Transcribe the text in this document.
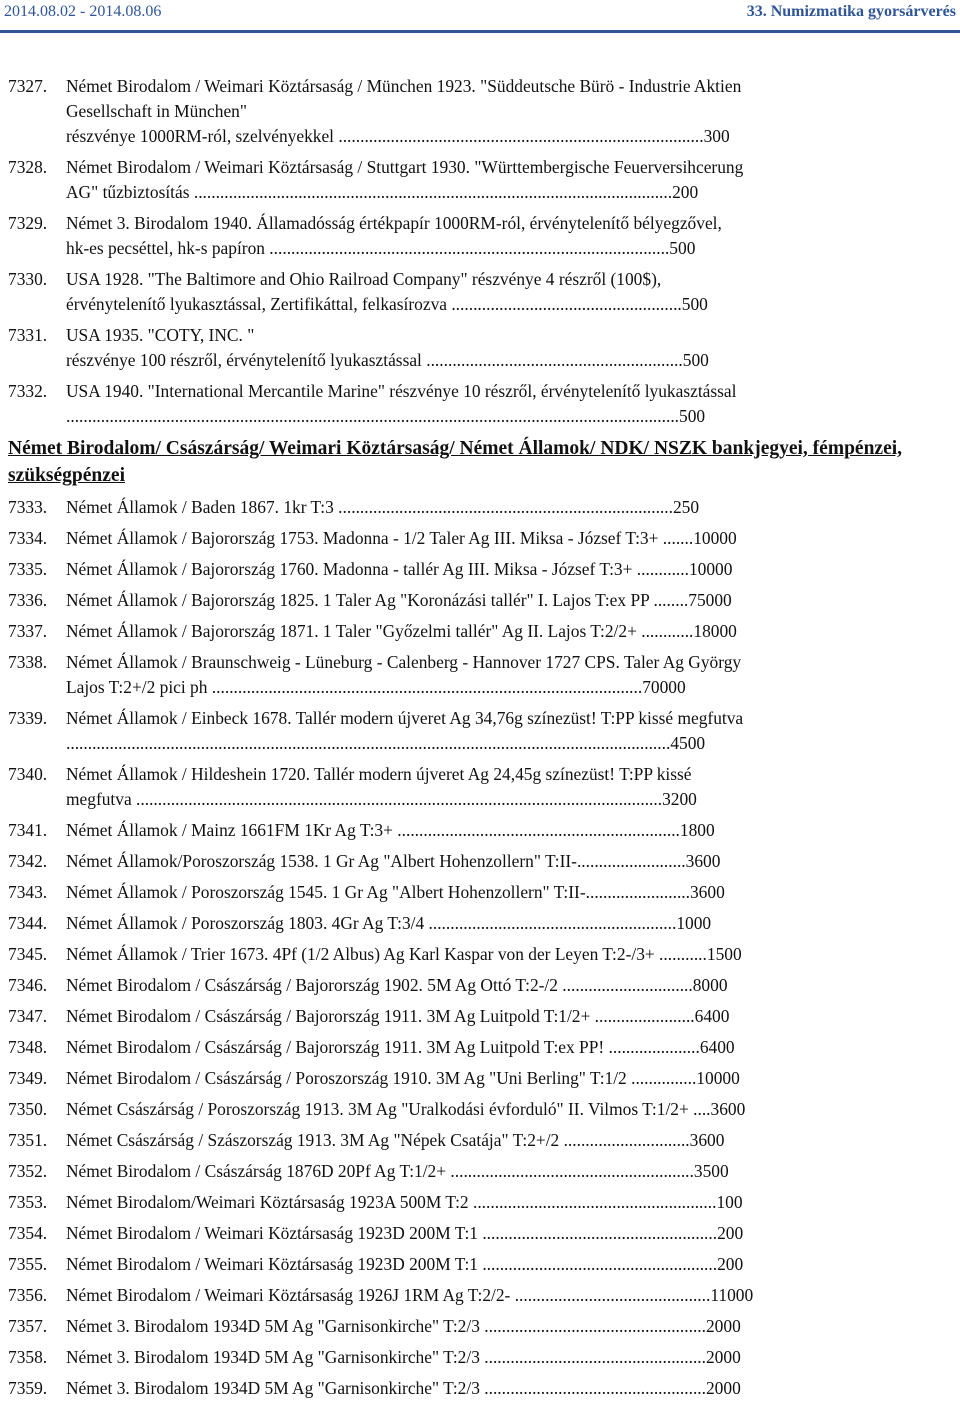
2014.08.02 - 2014.08.06	33. Numizmatika gyorsárverés
7327. Német Birodalom / Weimari Köztársaság / München 1923. "Süddeutsche Bürö - Industrie Aktien
Gesellschaft in München"
részvénye 1000RM-ról, szelvényekkel ....................................................................................300
7328. Német Birodalom / Weimari Köztársaság / Stuttgart 1930. "Württembergische Feuerversihcerung
AG" tűzbiztosítás ..............................................................................................................200
7329. Német 3. Birodalom 1940. Államadósság értékpapír 1000RM-ról, érvénytelenítő bélyegzővel,
hk-es pecséttel, hk-s papíron ............................................................................................500
7330. USA 1928. "The Baltimore and Ohio Railroad Company" részvénye 4 részről (100$),
érvénytelenítő lyukasztással, Zertifikáttal, felkasírozva .....................................................500
7331. USA 1935. "COTY, INC. "
részvénye 100 részről, érvénytelenítő lyukasztással ...........................................................500
7332. USA 1940. "International Mercantile Marine" részvénye 10 részről, érvénytelenítő lyukasztással
.............................................................................................................................................500
Német Birodalom/ Császárság/ Weimari Köztársaság/ Német Államok/ NDK/ NSZK bankjegyei, fémpénzei, szükségpénzei
7333. Német Államok / Baden 1867. 1kr T:3 .............................................................................250
7334. Német Államok / Bajorország 1753. Madonna - 1/2 Taler Ag III. Miksa - József T:3+ .......10000
7335. Német Államok / Bajorország 1760. Madonna - tallér Ag III. Miksa - József T:3+ ............10000
7336. Német Államok / Bajorország 1825. 1 Taler Ag "Koronázási tallér" I. Lajos T:ex PP ........75000
7337. Német Államok / Bajorország 1871. 1 Taler "Győzelmi tallér" Ag II. Lajos T:2/2+ ............18000
7338. Német Államok / Braunschweig - Lüneburg - Calenberg - Hannover 1727 CPS. Taler Ag György
Lajos T:2+/2 pici ph ...................................................................................................70000
7339. Német Államok / Einbeck 1678. Tallér modern újveret Ag 34,76g színezüst! T:PP kissé megfutva
...........................................................................................................................................4500
7340. Német Államok / Hildeshein 1720. Tallér modern újveret Ag 24,45g színezüst! T:PP kissé
megfutva .........................................................................................................................3200
7341. Német Államok / Mainz 1661FM 1Kr Ag T:3+ .................................................................1800
7342. Német Államok/Poroszország 1538. 1 Gr Ag "Albert Hohenzollern" T:II-.........................3600
7343. Német Államok / Poroszország 1545. 1 Gr Ag "Albert Hohenzollern" T:II-........................3600
7344. Német Államok / Poroszország 1803. 4Gr Ag T:3/4 .........................................................1000
7345. Német Államok / Trier 1673. 4Pf (1/2 Albus) Ag Karl Kaspar von der Leyen T:2-/3+ ...........1500
7346. Német Birodalom / Császárság / Bajorország 1902. 5M Ag Ottó T:2-/2 ..............................8000
7347. Német Birodalom / Császárság / Bajorország 1911. 3M Ag Luitpold T:1/2+ .......................6400
7348. Német Birodalom / Császárság / Bajorország 1911. 3M Ag Luitpold T:ex PP! .....................6400
7349. Német Birodalom / Császárság / Poroszország 1910. 3M Ag "Uni Berling" T:1/2 ...............10000
7350. Német Császárság / Poroszország 1913. 3M Ag "Uralkodási évforduló" II. Vilmos T:1/2+ ....3600
7351. Német Császárság / Szászország 1913. 3M Ag "Népek Csatája" T:2+/2 .............................3600
7352. Német Birodalom / Császárság 1876D 20Pf Ag T:1/2+ ........................................................3500
7353. Német Birodalom/Weimari Köztársaság 1923A 500M T:2 ........................................................100
7354. Német Birodalom / Weimari Köztársaság 1923D 200M T:1 ......................................................200
7355. Német Birodalom / Weimari Köztársaság 1923D 200M T:1 ......................................................200
7356. Német Birodalom / Weimari Köztársaság 1926J 1RM Ag T:2/2- .............................................11000
7357. Német 3. Birodalom 1934D 5M Ag "Garnisonkirche" T:2/3 ...................................................2000
7358. Német 3. Birodalom 1934D 5M Ag "Garnisonkirche" T:2/3 ...................................................2000
7359. Német 3. Birodalom 1934D 5M Ag "Garnisonkirche" T:2/3 ...................................................2000
